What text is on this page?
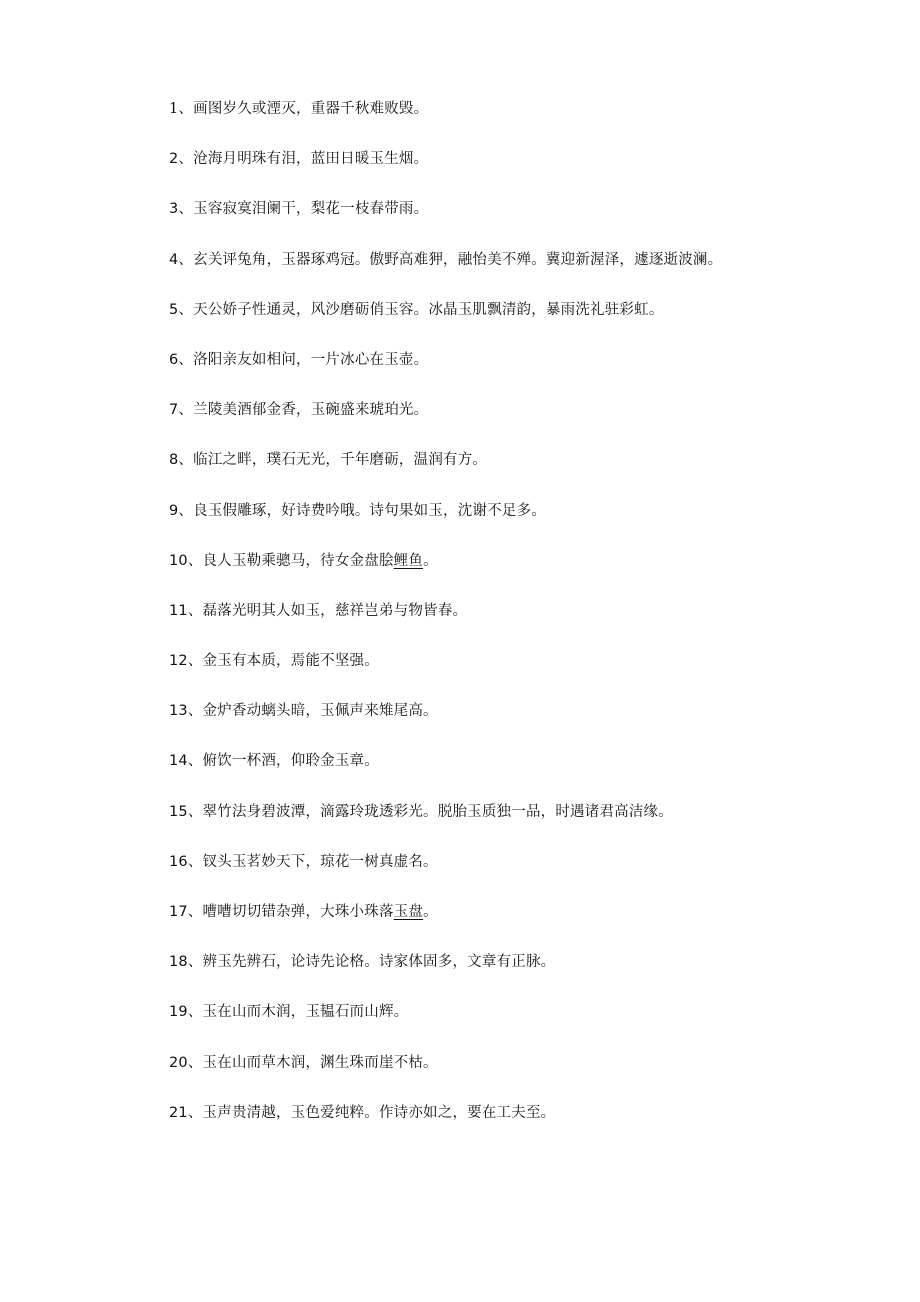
1、画图岁久或湮灭，重器千秋难败毁。
2、沧海月明珠有泪，蓝田日暖玉生烟。
3、玉容寂寞泪阑干，梨花一枝春带雨。
4、玄关评兔角，玉器琢鸡冠。傲野高难狎，融怡美不殚。冀迎新渥泽，遽逐逝波澜。
5、天公娇子性通灵，风沙磨砺俏玉容。冰晶玉肌飘清韵，暴雨洗礼驻彩虹。
6、洛阳亲友如相问，一片冰心在玉壶。
7、兰陵美酒郁金香，玉碗盛来琥珀光。
8、临江之畔，璞石无光，千年磨砺，温润有方。
9、良玉假雕琢，好诗费吟哦。诗句果如玉，沈谢不足多。
10、良人玉勒乘骢马，待女金盘脍鲤鱼。
11、磊落光明其人如玉，慈祥岂弟与物皆春。
12、金玉有本质，焉能不坚强。
13、金炉香动螭头暗，玉佩声来雉尾高。
14、俯饮一杯酒，仰聆金玉章。
15、翠竹法身碧波潭，滴露玲珑透彩光。脱胎玉质独一品，时遇诸君高洁缘。
16、钗头玉茗妙天下，琼花一树真虚名。
17、嘈嘈切切错杂弹，大珠小珠落玉盘。
18、辨玉先辨石，论诗先论格。诗家体固多，文章有正脉。
19、玉在山而木润，玉韫石而山辉。
20、玉在山而草木润，渊生珠而崖不枯。
21、玉声贵清越，玉色爱纯粹。作诗亦如之，要在工夫至。
